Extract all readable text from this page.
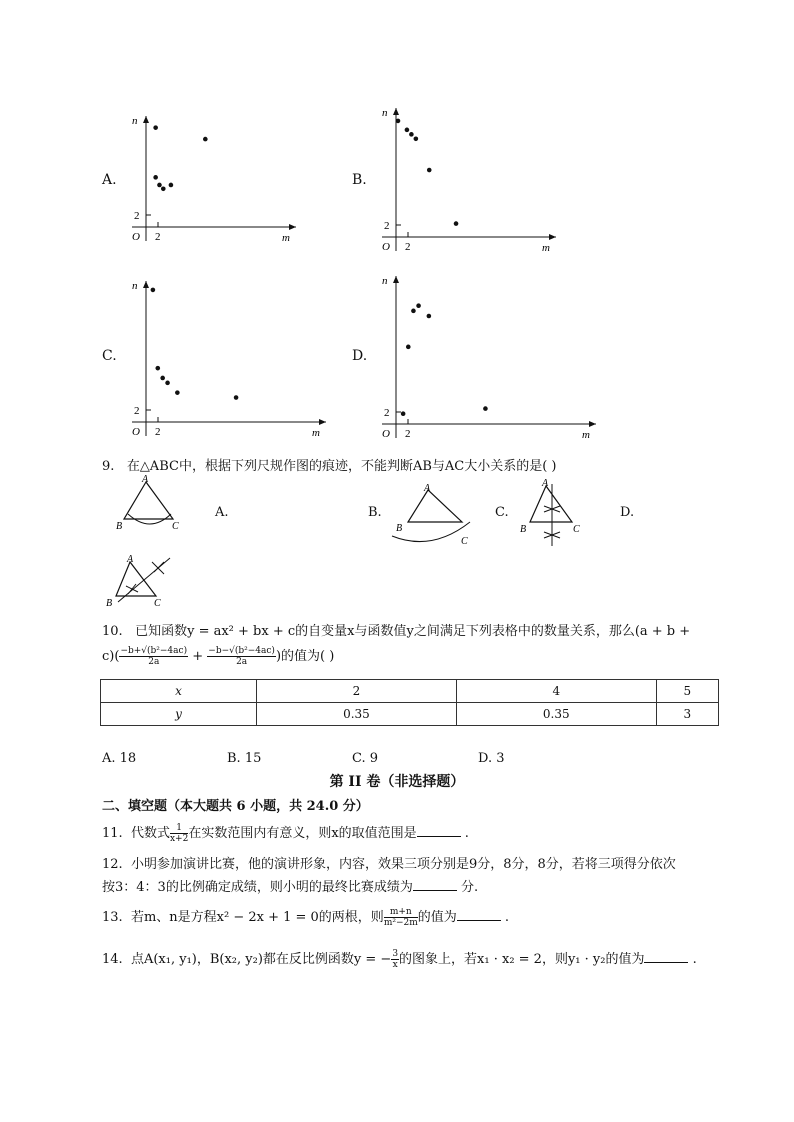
A.
O 2
2
m
n
B.
O 2
2
m
n
C.
O 2
2
m
n
D.
O 2
2
m
n
9. 在△ABC中，根据下列尺规作图的痕迹，不能判断AB与AC大小关系的是( )
A
B	C
A.
A
B
C
B.	C.
A
B	C
D.
A
B	C
10. 已知函数y = ax² + bx + c的自变量x与函数值y之间满足下列表格中的数量关系，那么(a + b +
$c)( \frac{\text{−b+√(b²−4ac)}}{2a} + \frac{\text{−b−√(b²−4ac)}}{2a}$ )的值为( )
x	2	4	5
y	0.35	0.35	3
A. 18	B. 15	C. 9	D. 3
第 II 卷（非选择题）
二、填空题（本大题共 6 小题，共 24.0 分）
11. 代数式 $\frac{1}{x+2}$ 在实数范围内有意义，则x的取值范围是	.
12. 小明参加演讲比赛，他的演讲形象，内容，效果三项分别是9分，8分，8分，若将三项得分依次
按3：4：3的比例确定成绩，则小明的最终比赛成绩为	分.
13. 若m、n是方程x² − 2x + 1 = 0的两根，则 $\frac{m+n}{\text{m²−2m}}$ 的值为	.
14. 点A(x₁, y₁)，B(x₂, y₂)都在反比例函数y = − $\frac{3}{x}$ 的图象上，若x₁ · x₂ = 2，则y₁ · y₂的值为	.
